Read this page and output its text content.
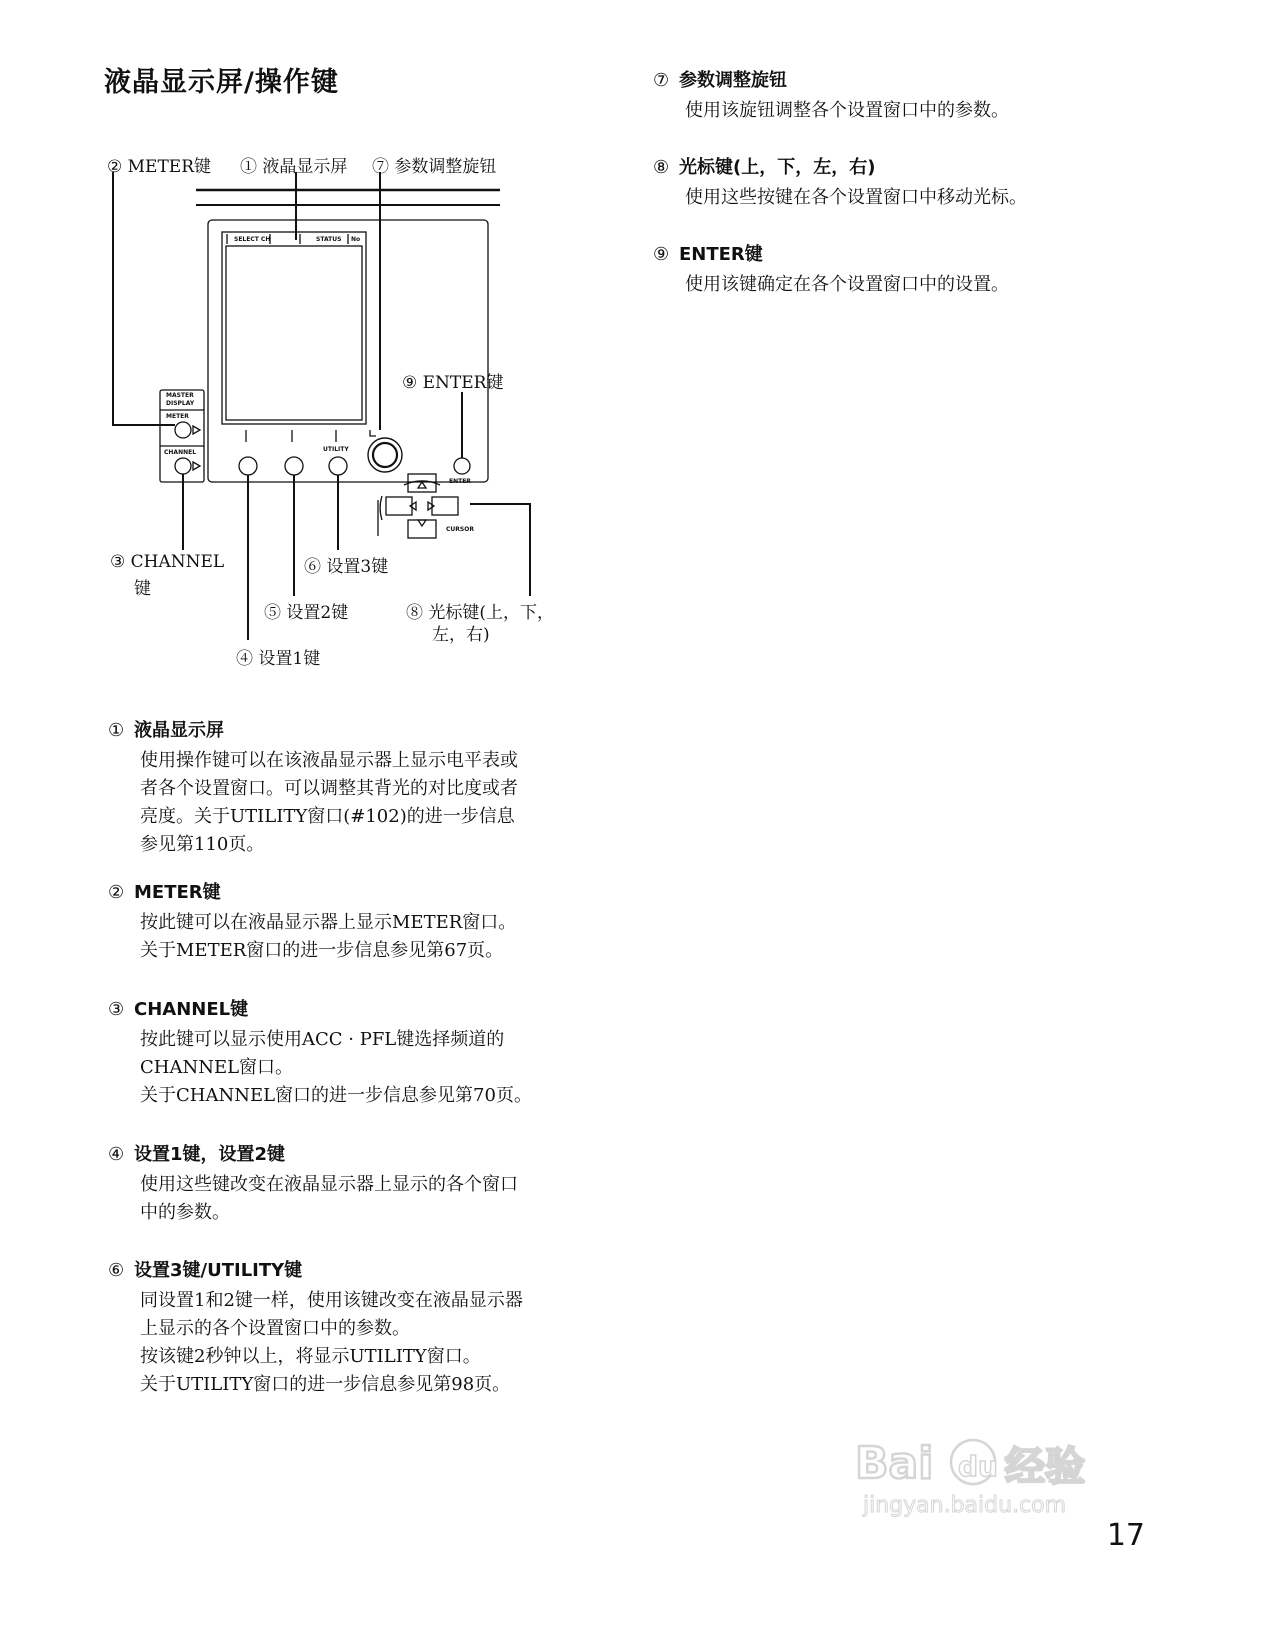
液晶显示屏/操作键
SELECT CH	STATUS No
MASTER
DISPLAY
METER
CHANNEL	UTILITY
ENTER
CURSOR
② METER键 ① 液晶显示屏 ⑦ 参数调整旋钮
⑨ ENTER键
③ CHANNEL
键
⑥ 设置3键
⑤ 设置2键
④ 设置1键
⑧ 光标键(上，下，
左，右)
① 液晶显示屏
使用操作键可以在该液晶显示器上显示电平表或
者各个设置窗口。可以调整其背光的对比度或者
亮度。关于UTILITY窗口(#102)的进一步信息
参见第110页。
② METER键
按此键可以在液晶显示器上显示METER窗口。
关于METER窗口的进一步信息参见第67页。
③ CHANNEL键
按此键可以显示使用ACC · PFL键选择频道的
CHANNEL窗口。
关于CHANNEL窗口的进一步信息参见第70页。
④ 设置1键，设置2键
使用这些键改变在液晶显示器上显示的各个窗口
中的参数。
⑥ 设置3键/UTILITY键
同设置1和2键一样，使用该键改变在液晶显示器
上显示的各个设置窗口中的参数。
按该键2秒钟以上，将显示UTILITY窗口。
关于UTILITY窗口的进一步信息参见第98页。
⑦ 参数调整旋钮
使用该旋钮调整各个设置窗口中的参数。
⑧ 光标键(上，下，左，右)
使用这些按键在各个设置窗口中移动光标。
⑨ ENTER键
使用该键确定在各个设置窗口中的设置。
Bai du 经验
jingyan.baidu.com
17
